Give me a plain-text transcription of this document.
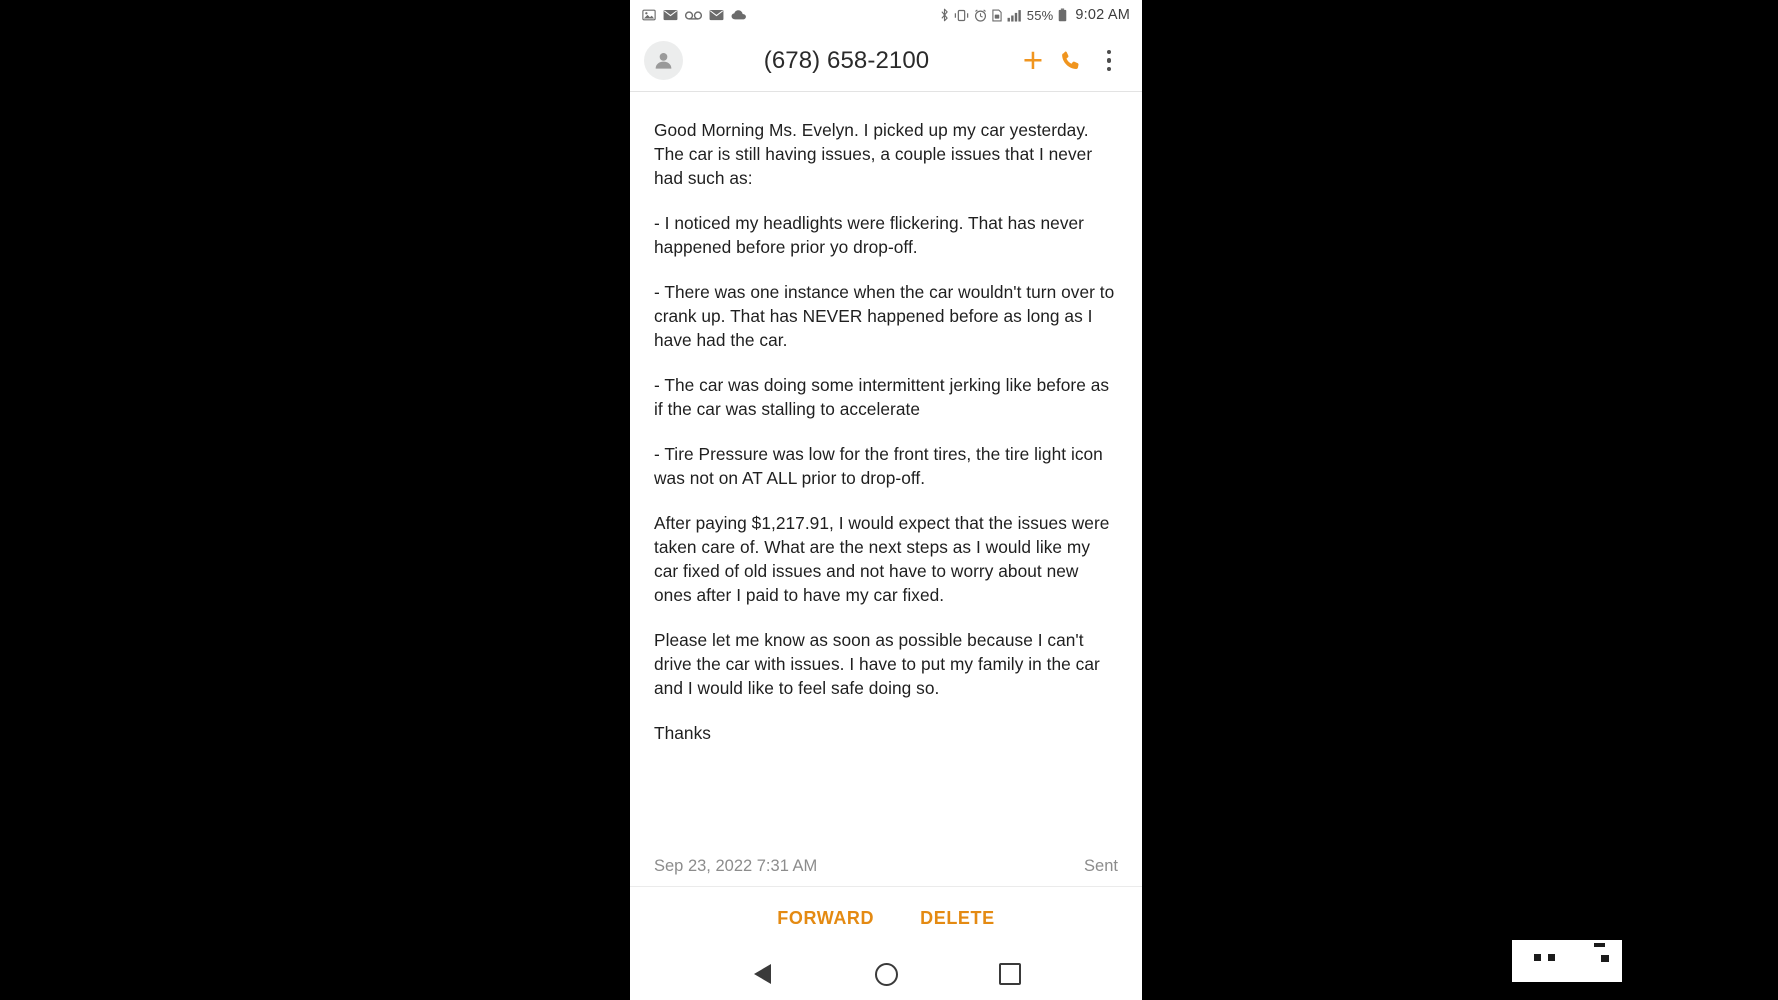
55% 9:02 AM
(678) 658-2100	+

Good Morning Ms. Evelyn. I picked up my car yesterday. The car is still having issues, a couple issues that I never had such as:

- I noticed my headlights were flickering. That has never happened before prior yo drop-off.

- There was one instance when the car wouldn't turn over to crank up. That has NEVER happened before as long as I have had the car.

- The car was doing some intermittent jerking like before as if the car was stalling to accelerate

- Tire Pressure was low for the front tires, the tire light icon was not on AT ALL prior to drop-off.

After paying $1,217.91, I would expect that the issues were taken care of. What are the next steps as I would like my car fixed of old issues and not have to worry about new ones after I paid to have my car fixed.

Please let me know as soon as possible because I can't drive the car with issues. I have to put my family in the car and I would like to feel safe doing so.

Thanks

Sep 23, 2022 7:31 AM	Sent
FORWARD	DELETE
